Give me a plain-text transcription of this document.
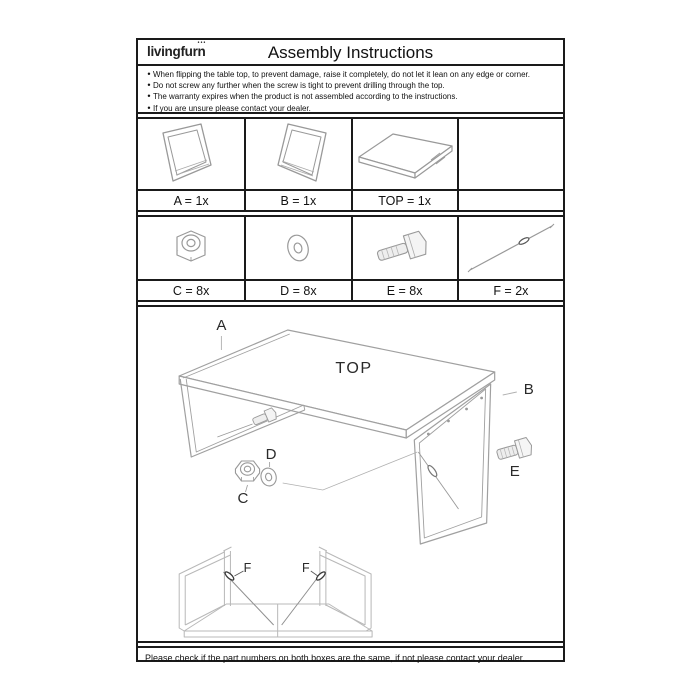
livingfurn
•••	Assembly Instructions
•
When flipping the table top, to prevent damage, raise it completely, do not let it lean on any edge or corner.
•
Do not screw any further when the screw is tight to prevent drilling through the top.
•
The warranty expires when the product is not assembled according to the instructions.
•
If you are unsure please contact your dealer.
A = 1x	B = 1x	TOP = 1x
C = 8x	D = 8x	E = 8x	F = 2x
A
TOP
B
E
D
C
F	F
Please check if the part numbers on both boxes are the same, if not please contact your dealer.
